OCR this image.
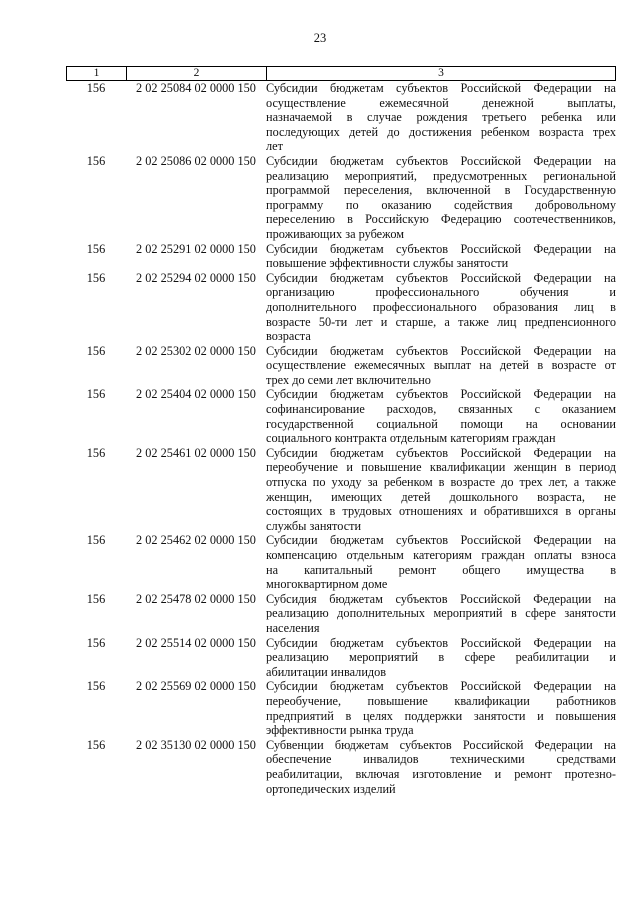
23
1	2	3
156	2 02 25084 02 0000 150 Субсидии бюджетам субъектов Российской Федерации на
осуществление ежемесячной денежной выплаты,
назначаемой в случае рождения третьего ребенка или
последующих детей до достижения ребенком возраста трех
лет
156	2 02 25086 02 0000 150 Субсидии бюджетам субъектов Российской Федерации на
реализацию мероприятий, предусмотренных региональной
программой переселения, включенной в Государственную
программу по оказанию содействия добровольному
переселению в Российскую Федерацию соотечественников,
проживающих за рубежом
156	2 02 25291 02 0000 150 Субсидии бюджетам субъектов Российской Федерации на
повышение эффективности службы занятости
156	2 02 25294 02 0000 150 Субсидии бюджетам субъектов Российской Федерации на
организацию профессионального обучения и
дополнительного профессионального образования лиц в
возрасте 50-ти лет и старше, а также лиц предпенсионного
возраста
156	2 02 25302 02 0000 150 Субсидии бюджетам субъектов Российской Федерации на
осуществление ежемесячных выплат на детей в возрасте от
трех до семи лет включительно
156	2 02 25404 02 0000 150 Субсидии бюджетам субъектов Российской Федерации на
софинансирование расходов, связанных с оказанием
государственной социальной помощи на основании
социального контракта отдельным категориям граждан
156	2 02 25461 02 0000 150 Субсидии бюджетам субъектов Российской Федерации на
переобучение и повышение квалификации женщин в период
отпуска по уходу за ребенком в возрасте до трех лет, а также
женщин, имеющих детей дошкольного возраста, не
состоящих в трудовых отношениях и обратившихся в органы
службы занятости
156	2 02 25462 02 0000 150 Субсидии бюджетам субъектов Российской Федерации на
компенсацию отдельным категориям граждан оплаты взноса
на капитальный ремонт общего имущества в
многоквартирном доме
156	2 02 25478 02 0000 150 Субсидия бюджетам субъектов Российской Федерации на
реализацию дополнительных мероприятий в сфере занятости
населения
156	2 02 25514 02 0000 150 Субсидии бюджетам субъектов Российской Федерации на
реализацию мероприятий в сфере реабилитации и
абилитации инвалидов
156	2 02 25569 02 0000 150 Субсидии бюджетам субъектов Российской Федерации на
переобучение, повышение квалификации работников
предприятий в целях поддержки занятости и повышения
эффективности рынка труда
156	2 02 35130 02 0000 150 Субвенции бюджетам субъектов Российской Федерации на
обеспечение инвалидов техническими средствами
реабилитации, включая изготовление и ремонт протезно-
ортопедических изделий
